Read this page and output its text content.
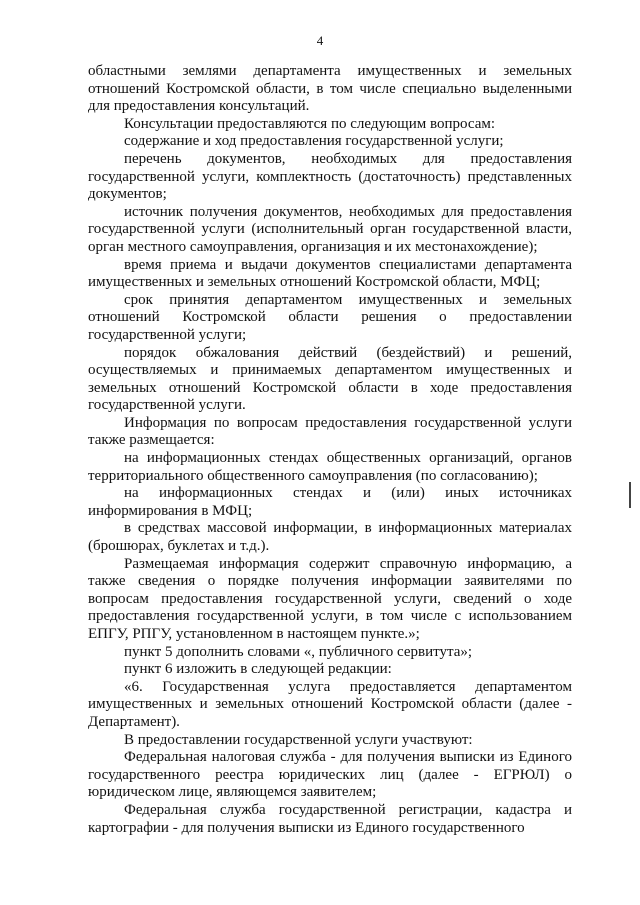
4

областными землями департамента имущественных и земельных отношений Костромской области, в том числе специально выделенными для предоставления консультаций.

Консультации предоставляются по следующим вопросам:

содержание и ход предоставления государственной услуги;

перечень документов, необходимых для предоставления государственной услуги, комплектность (достаточность) представленных документов;

источник получения документов, необходимых для предоставления государственной услуги (исполнительный орган государственной власти, орган местного самоуправления, организация и их местонахождение);

время приема и выдачи документов специалистами департамента имущественных и земельных отношений Костромской области, МФЦ;

срок принятия департаментом имущественных и земельных отношений Костромской области решения о предоставлении государственной услуги;

порядок обжалования действий (бездействий) и решений, осуществляемых и принимаемых департаментом имущественных и земельных отношений Костромской области в ходе предоставления государственной услуги.

Информация по вопросам предоставления государственной услуги также размещается:

на информационных стендах общественных организаций, органов территориального общественного самоуправления (по согласованию);

на информационных стендах и (или) иных источниках информирования в МФЦ;

в средствах массовой информации, в информационных материалах (брошюрах, буклетах и т.д.).

Размещаемая информация содержит справочную информацию, а также сведения о порядке получения информации заявителями по вопросам предоставления государственной услуги, сведений о ходе предоставления государственной услуги, в том числе с использованием ЕПГУ, РПГУ, установленном в настоящем пункте.»;

пункт 5 дополнить словами «, публичного сервитута»;

пункт 6 изложить в следующей редакции:

«6. Государственная услуга предоставляется департаментом имущественных и земельных отношений Костромской области (далее - Департамент).

В предоставлении государственной услуги участвуют:

Федеральная налоговая служба - для получения выписки из Единого государственного реестра юридических лиц (далее - ЕГРЮЛ) о юридическом лице, являющемся заявителем;

Федеральная служба государственной регистрации, кадастра и картографии - для получения выписки из Единого государственного
